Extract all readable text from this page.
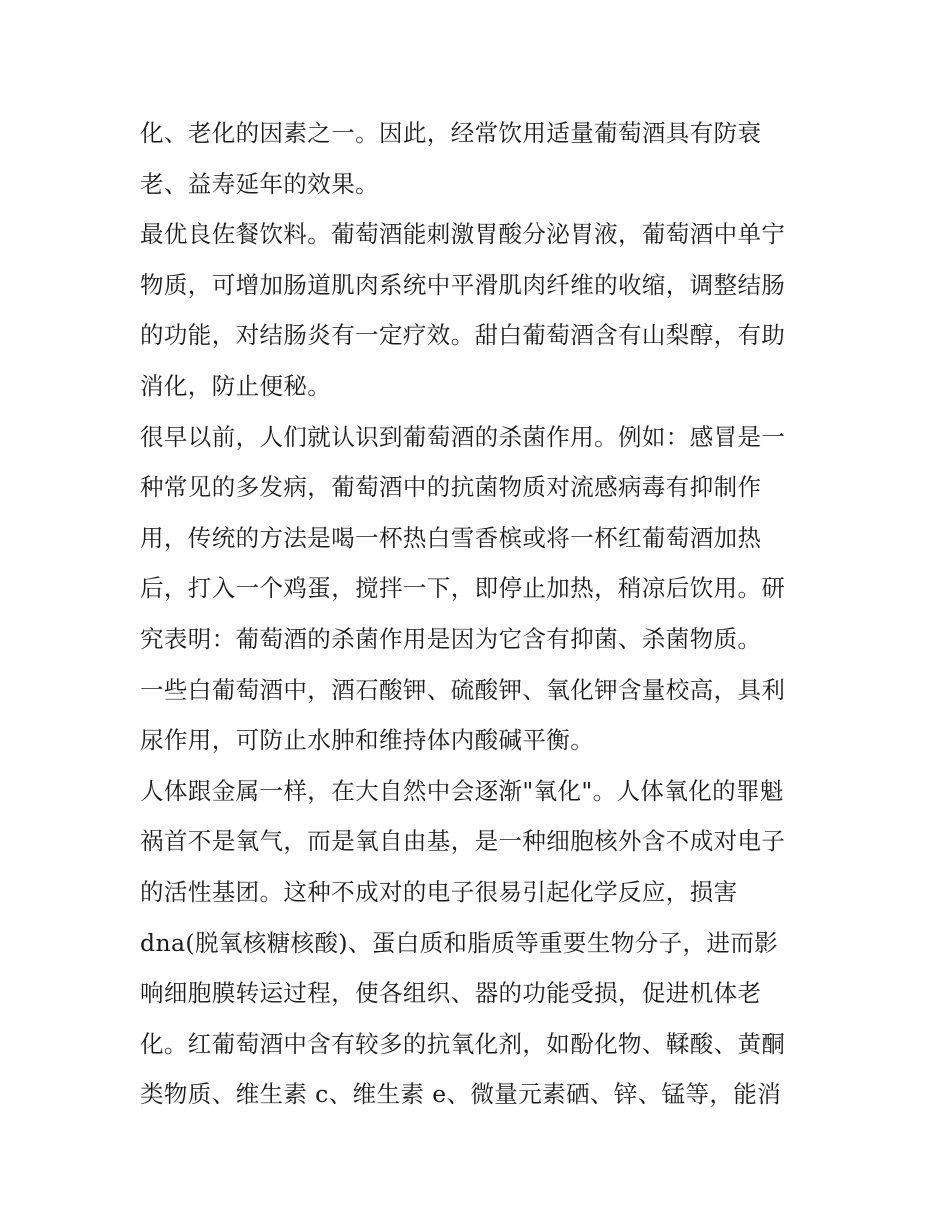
化、老化的因素之一。因此，经常饮用适量葡萄酒具有防衰
老、益寿延年的效果。
最优良佐餐饮料。葡萄酒能刺激胃酸分泌胃液，葡萄酒中单宁
物质，可增加肠道肌肉系统中平滑肌肉纤维的收缩，调整结肠
的功能，对结肠炎有一定疗效。甜白葡萄酒含有山梨醇，有助
消化，防止便秘。
很早以前，人们就认识到葡萄酒的杀菌作用。例如：感冒是一
种常见的多发病，葡萄酒中的抗菌物质对流感病毒有抑制作
用，传统的方法是喝一杯热白雪香槟或将一杯红葡萄酒加热
后，打入一个鸡蛋，搅拌一下，即停止加热，稍凉后饮用。研
究表明：葡萄酒的杀菌作用是因为它含有抑菌、杀菌物质。
一些白葡萄酒中，酒石酸钾、硫酸钾、氧化钾含量校高，具利
尿作用，可防止水肿和维持体内酸碱平衡。
人体跟金属一样，在大自然中会逐渐"氧化"。人体氧化的罪魁
祸首不是氧气，而是氧自由基，是一种细胞核外含不成对电子
的活性基团。这种不成对的电子很易引起化学反应，损害
dna(脱氧核糖核酸)、蛋白质和脂质等重要生物分子，进而影
响细胞膜转运过程，使各组织、器的功能受损，促进机体老
化。红葡萄酒中含有较多的抗氧化剂，如酚化物、鞣酸、黄酮
类物质、维生素 c、维生素 e、微量元素硒、锌、锰等，能消
